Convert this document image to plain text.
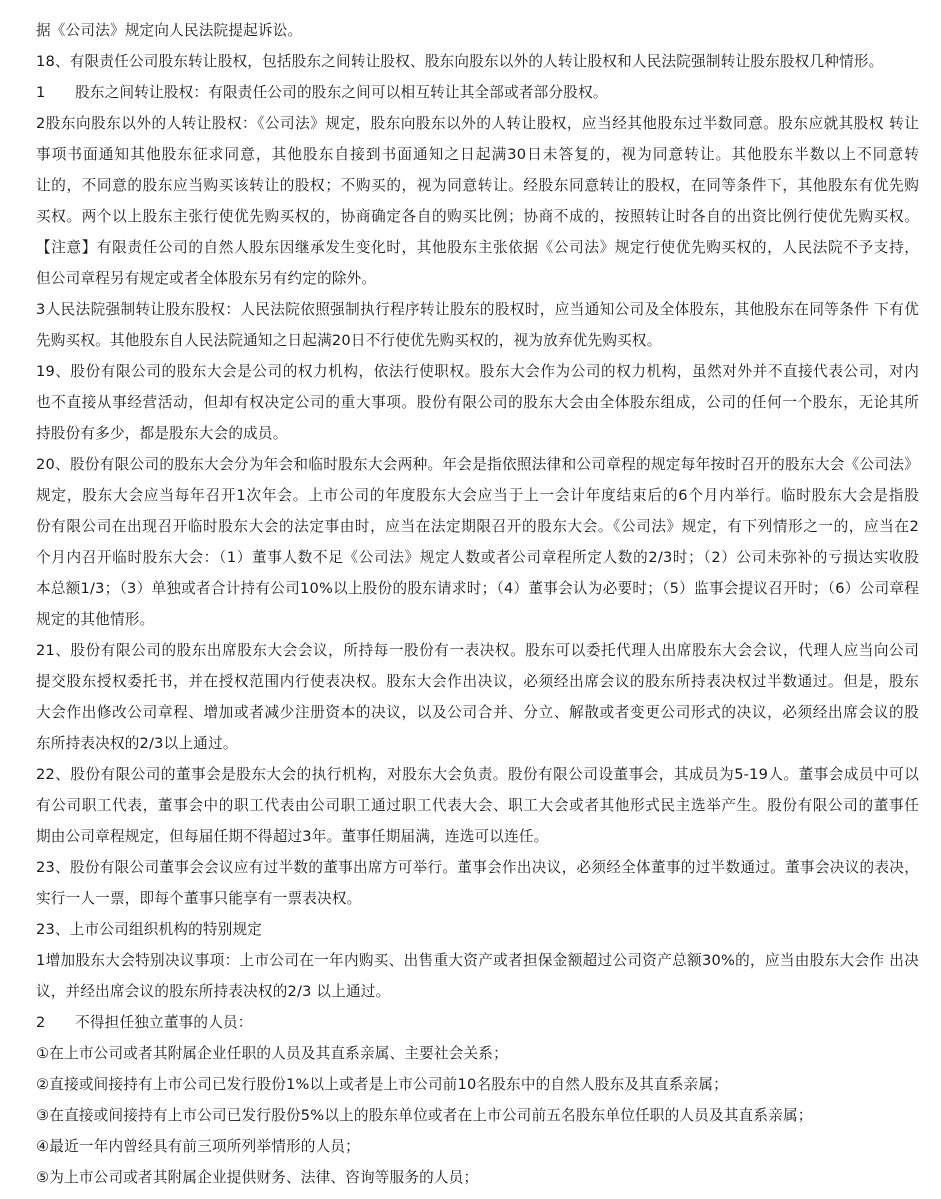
据《公司法》规定向人民法院提起诉讼。
18、有限责任公司股东转让股权，包括股东之间转让股权、股东向股东以外的人转让股权和人民法院强制转让股东股权几种情形。
1　　股东之间转让股权：有限责任公司的股东之间可以相互转让其全部或者部分股权。
2股东向股东以外的人转让股权：《公司法》规定，股东向股东以外的人转让股权，应当经其他股东过半数同意。股东应就其股权 转让
事项书面通知其他股东征求同意，其他股东自接到书面通知之日起满30日未答复的，视为同意转让。其他股东半数以上不同意转
让的，不同意的股东应当购买该转让的股权；不购买的，视为同意转让。经股东同意转让的股权，在同等条件下，其他股东有优先购
买权。两个以上股东主张行使优先购买权的，协商确定各自的购买比例；协商不成的，按照转让时各自的出资比例行使优先购买权。
【注意】有限责任公司的自然人股东因继承发生变化时，其他股东主张依据《公司法》规定行使优先购买权的，人民法院不予支持，
但公司章程另有规定或者全体股东另有约定的除外。
3人民法院强制转让股东股权：人民法院依照强制执行程序转让股东的股权时，应当通知公司及全体股东，其他股东在同等条件 下有优
先购买权。其他股东自人民法院通知之日起满20日不行使优先购买权的，视为放弃优先购买权。
19、股份有限公司的股东大会是公司的权力机构，依法行使职权。股东大会作为公司的权力机构，虽然对外并不直接代表公司，对内
也不直接从事经营活动，但却有权决定公司的重大事项。股份有限公司的股东大会由全体股东组成，公司的任何一个股东，无论其所
持股份有多少，都是股东大会的成员。
20、股份有限公司的股东大会分为年会和临时股东大会两种。年会是指依照法律和公司章程的规定每年按时召开的股东大会《公司法》
规定，股东大会应当每年召开1次年会。上市公司的年度股东大会应当于上一会计年度结束后的6个月内举行。临时股东大会是指股
份有限公司在出现召开临时股东大会的法定事由时，应当在法定期限召开的股东大会。《公司法》规定，有下列情形之一的，应当在2
个月内召开临时股东大会：（1）董事人数不足《公司法》规定人数或者公司章程所定人数的2/3时；（2）公司未弥补的亏损达实收股
本总额1/3；（3）单独或者合计持有公司10%以上股份的股东请求时；（4）董事会认为必要时；（5）监事会提议召开时；（6）公司章程
规定的其他情形。
21、股份有限公司的股东出席股东大会会议，所持每一股份有一表决权。股东可以委托代理人出席股东大会会议，代理人应当向公司
提交股东授权委托书，并在授权范围内行使表决权。股东大会作出决议，必须经出席会议的股东所持表决权过半数通过。但是，股东
大会作出修改公司章程、增加或者减少注册资本的决议，以及公司合并、分立、解散或者变更公司形式的决议，必须经出席会议的股
东所持表决权的2/3以上通过。
22、股份有限公司的董事会是股东大会的执行机构，对股东大会负责。股份有限公司设董事会，其成员为5-19人。董事会成员中可以
有公司职工代表，董事会中的职工代表由公司职工通过职工代表大会、职工大会或者其他形式民主选举产生。股份有限公司的董事任
期由公司章程规定，但每届任期不得超过3年。董事任期届满，连选可以连任。
23、股份有限公司董事会会议应有过半数的董事出席方可举行。董事会作出决议，必须经全体董事的过半数通过。董事会决议的表决，
实行一人一票，即每个董事只能享有一票表决权。
23、上市公司组织机构的特别规定
1增加股东大会特别决议事项：上市公司在一年内购买、出售重大资产或者担保金额超过公司资产总额30%的，应当由股东大会作 出决
议，并经出席会议的股东所持表决权的2/3 以上通过。
2　　不得担任独立董事的人员：
①在上市公司或者其附属企业任职的人员及其直系亲属、主要社会关系；
②直接或间接持有上市公司已发行股份1%以上或者是上市公司前10名股东中的自然人股东及其直系亲属；
③在直接或间接持有上市公司已发行股份5%以上的股东单位或者在上市公司前五名股东单位任职的人员及其直系亲属；
④最近一年内曾经具有前三项所列举情形的人员；
⑤为上市公司或者其附属企业提供财务、法律、咨询等服务的人员；
